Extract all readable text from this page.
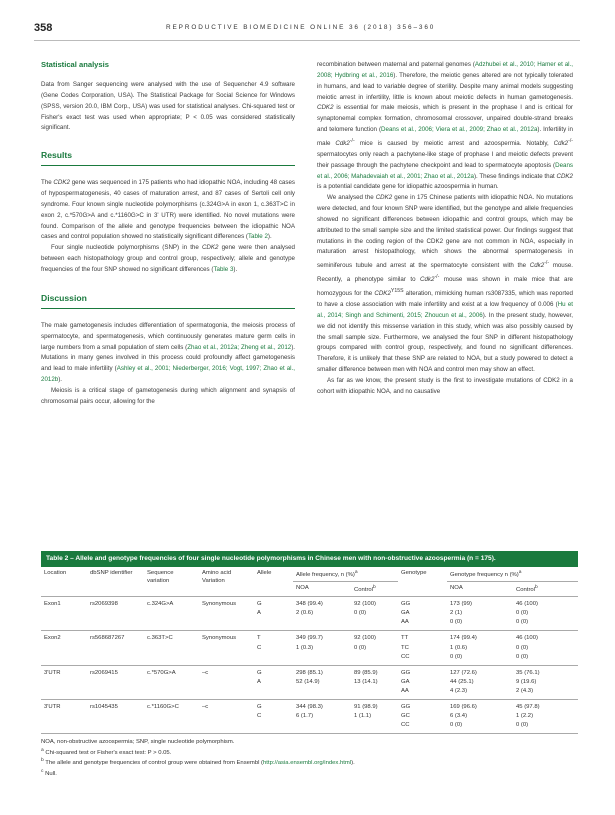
358	REPRODUCTIVE BIOMEDICINE ONLINE 36 (2018) 356–360
Statistical analysis

Data from Sanger sequencing were analysed with the use of Sequencher 4.9 software (Gene Codes Corporation, USA). The Statistical Package for Social Science for Windows (SPSS, version 20.0, IBM Corp., USA) was used for statistical analyses. Chi-squared test or Fisher's exact test was used when appropriate; P < 0.05 was considered statistically significant.

Results

The CDK2 gene was sequenced in 175 patients who had idiopathic NOA, including 48 cases of hypospermatogenesis, 40 cases of maturation arrest, and 87 cases of Sertoli cell only syndrome. Four known single nucleotide polymorphisms (c.324G>A in exon 1, c.363T>C in exon 2, c.*570G>A and c.*1160G>C in 3' UTR) were identified. No novel mutations were found. Comparison of the allele and genotype frequencies between the idiopathic NOA cases and control population showed no statistically significant differences (Table 2).

Four single nucleotide polymorphisms (SNP) in the CDK2 gene were then analysed between each histopathology group and control group, respectively; allele and genotype frequencies of the four SNP showed no significant differences (Table 3).

Discussion

The male gametogenesis includes differentiation of spermatogonia, the meiosis process of spermatocyte, and spermatogenesis, which continuously generates mature germ cells in large numbers from a small population of stem cells (Zhao et al., 2012a; Zheng et al., 2012). Mutations in many genes involved in this process could profoundly affect gametogenesis and lead to male infertility (Ashley et al., 2001; Niederberger, 2016; Vogt, 1997; Zhao et al., 2012b).

Meiosis is a critical stage of gametogenesis during which alignment and synapsis of chromosomal pairs occur, allowing for the

recombination between maternal and paternal genomes (Adzhubei et al., 2010; Hamer et al., 2008; Hydbring et al., 2016). Therefore, the meiotic genes altered are not typically tolerated in humans, and lead to variable degree of sterility. Despite many animal models suggesting meiotic arrest in infertility, little is known about meiotic defects in human gametogenesis. CDK2 is essential for male meiosis, which is present in the prophase I and is critical for synaptonemal complex formation, chromosomal crossover, unpaired double-strand breaks and telomere function (Deans et al., 2006; Viera et al., 2009; Zhao et al., 2012a). Infertility in male Cdk2-/- mice is caused by meiotic arrest and azoospermia. Notably, Cdk2-/- spermatocytes only reach a pachytene-like stage of prophase I and meiotic defects prevent their passage through the pachytene checkpoint and lead to spermatocyte apoptosis (Deans et al., 2006; Mahadevaiah et al., 2001; Zhao et al., 2012a). These findings indicate that CDK2 is a potential candidate gene for idiopathic azoospermia in human.

We analysed the CDK2 gene in 175 Chinese patients with idiopathic NOA. No mutations were detected, and four known SNP were identified, but the genotype and allele frequencies showed no significant differences between idiopathic and control groups, which may be attributed to the small sample size and the limited statistical power. Our findings suggest that mutations in the coding region of the CDK2 gene are not common in NOA, especially in maturation arrest histopathology, which shows the abnormal spermatogenesis in seminiferous tubule and arrest at the spermatocyte consistent with the Cdk2-/- mouse. Recently, a phenotype similar to Cdk2-/- mouse was shown in male mice that are homozygous for the $CDK2^{Y15S}$ alteration, mimicking human rs3087335, which was reported to have a close association with male infertility and exist at a low frequency of 0.006 (Hu et al., 2014; Singh and Schimenti, 2015; Zhoucun et al., 2006). In the present study, however, we did not identify this missense variation in this study, which was also possibly caused by the small sample size. Furthermore, we analysed the four SNP in different histopathology groups compared with control group, respectively, and found no significant differences. Therefore, it is unlikely that these SNP are related to NOA, but a study powered to detect a smaller difference between men with NOA and control men may show an effect.

As far as we know, the present study is the first to investigate mutations of CDK2 in a cohort with idiopathic NOA, and no causative

Table 2 – Allele and genotype frequencies of four single nucleotide polymorphisms in Chinese men with non-obstructive azoospermia (n = 175).
Location	dbSNP identifier	Sequence variation	Amino acid Variation	Allele	Allele frequency, n (%)$^a$		Genotype	Genotype frequency n (%)$^a$
					NOA	Control$^b$		NOA	Control$^b$
Exon1	rs2069398	c.324G>A	Synonymous	G	348 (99.4)	92 (100)	GG	173 (99)	46 (100)
				A	2 (0.6)	0 (0)	GA	2 (1)	0 (0)
							AA	0 (0)	0 (0)
Exon2	rs568687267	c.363T>C	Synonymous	T	349 (99.7)	92 (100)	TT	174 (99.4)	46 (100)
				C	1 (0.3)	0 (0)	TC	1 (0.6)	0 (0)
							CC	0 (0)	0 (0)
3'UTR	rs2069415	c.*570G>A	–c	G	298 (85.1)	89 (85.9)	GG	127 (72.6)	35 (76.1)
				A	52 (14.9)	13 (14.1)	GA	44 (25.1)	9 (19.6)
							AA	4 (2.3)	2 (4.3)
3'UTR	rs1045435	c.*1160G>C	–c	G	344 (98.3)	91 (98.9)	GG	169 (96.6)	45 (97.8)
				C	6 (1.7)	1 (1.1)	GC	6 (3.4)	1 (2.2)
							CC	0 (0)	0 (0)
NOA, non-obstructive azoospermia; SNP, single nucleotide polymorphism.
$^a$ Chi-squared test or Fisher's exact test: P > 0.05.
$^b$ The allele and genotype frequencies of control group were obtained from Ensembl (http://asia.ensembl.org/index.html).
$^c$ Null.
